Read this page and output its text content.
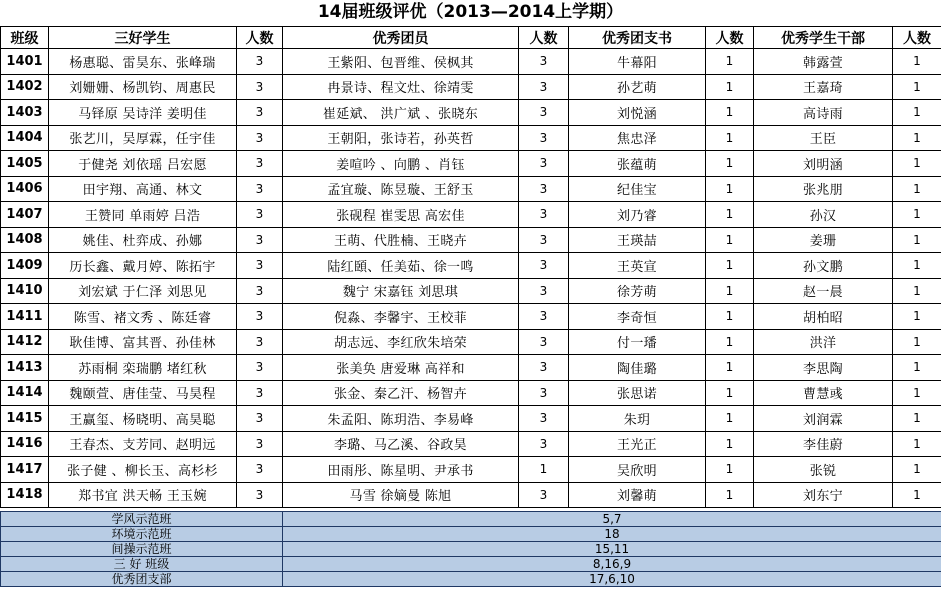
14届班级评优（2013—2014上学期）
班级	三好学生	人数	优秀团员	人数	优秀团支书	人数	优秀学生干部	人数
1401	杨惠聪、雷昊东、张峰瑞	3	王紫阳、包晋维、侯枫其	3	牛幕阳	1	韩露萱	1
1402	刘姗姗、杨凯钧、周惠民	3	冉景诗、程文灶、徐靖雯	3	孙艺萌	1	王嘉琦	1
1403	马铎原 吴诗洋 姜明佳	3	崔延斌、 洪广斌 、张晓东	3	刘悦涵	1	高诗雨	1
1404	张艺川，吴厚霖，任宇佳	3	王朝阳，张诗若，孙英哲	3	焦忠泽	1	王臣	1
1405	于健尧 刘依瑶 吕宏愿	3	姜喧吟 、向鹏 、肖钰	3	张蕴萌	1	刘明涵	1
1406	田宇翔、高通、林文	3	孟宜璇、陈昱璇、王舒玉	3	纪佳宝	1	张兆朋	1
1407	王赞同 单雨婷 吕浩	3	张砚程 崔雯思 高宏佳	3	刘乃睿	1	孙汉	1
1408	姚佳、杜弈成、孙娜	3	王萌、代胜楠、王晓卉	3	王瑛喆	1	姜珊	1
1409	历长鑫、戴月婷、陈拓宇	3	陆红頣、任美茹、徐一鸣	3	王英宣	1	孙文鹏	1
1410	刘宏斌 于仁泽 刘思见	3	魏宁 宋嘉钰 刘思琪	3	徐芳萌	1	赵一晨	1
1411	陈雪、褚文秀 、陈廷睿	3	倪淼、李馨宇、王校菲	3	李奇恒	1	胡柏昭	1
1412	耿佳博、富其晋、孙佳林	3	胡志远、李红欣朱培荣	3	付一璠	1	洪洋	1
1413	苏雨桐 栾瑞鹏 堵红秋	3	张美奂 唐爱琳 高祥和	3	陶佳璐	1	李思陶	1
1414	魏颐萱、唐佳莹、马昊程	3	张金、秦乙汗、杨智卉	3	张思诺	1	曹慧彧	1
1415	王赢玺、杨晓明、高昊聪	3	朱孟阳、陈玥浩、李易峰	3	朱玥	1	刘润霖	1
1416	王春杰、支芳同、赵明远	3	李璐、马乙溪、谷政昊	3	王光正	1	李佳蔚	1
1417	张子健 、柳长玉、高杉杉	3	田雨彤、陈星明、尹承书	1	吴欣明	1	张锐	1
1418	郑书宜 洪天畅 王玉婉	3	马雪 徐嫡曼 陈旭	3	刘馨萌	1	刘东宁	1
学风示范班	5,7
环境示范班	18
间操示范班	15,11
三 好 班级	8,16,9
优秀团支部	17,6,10
